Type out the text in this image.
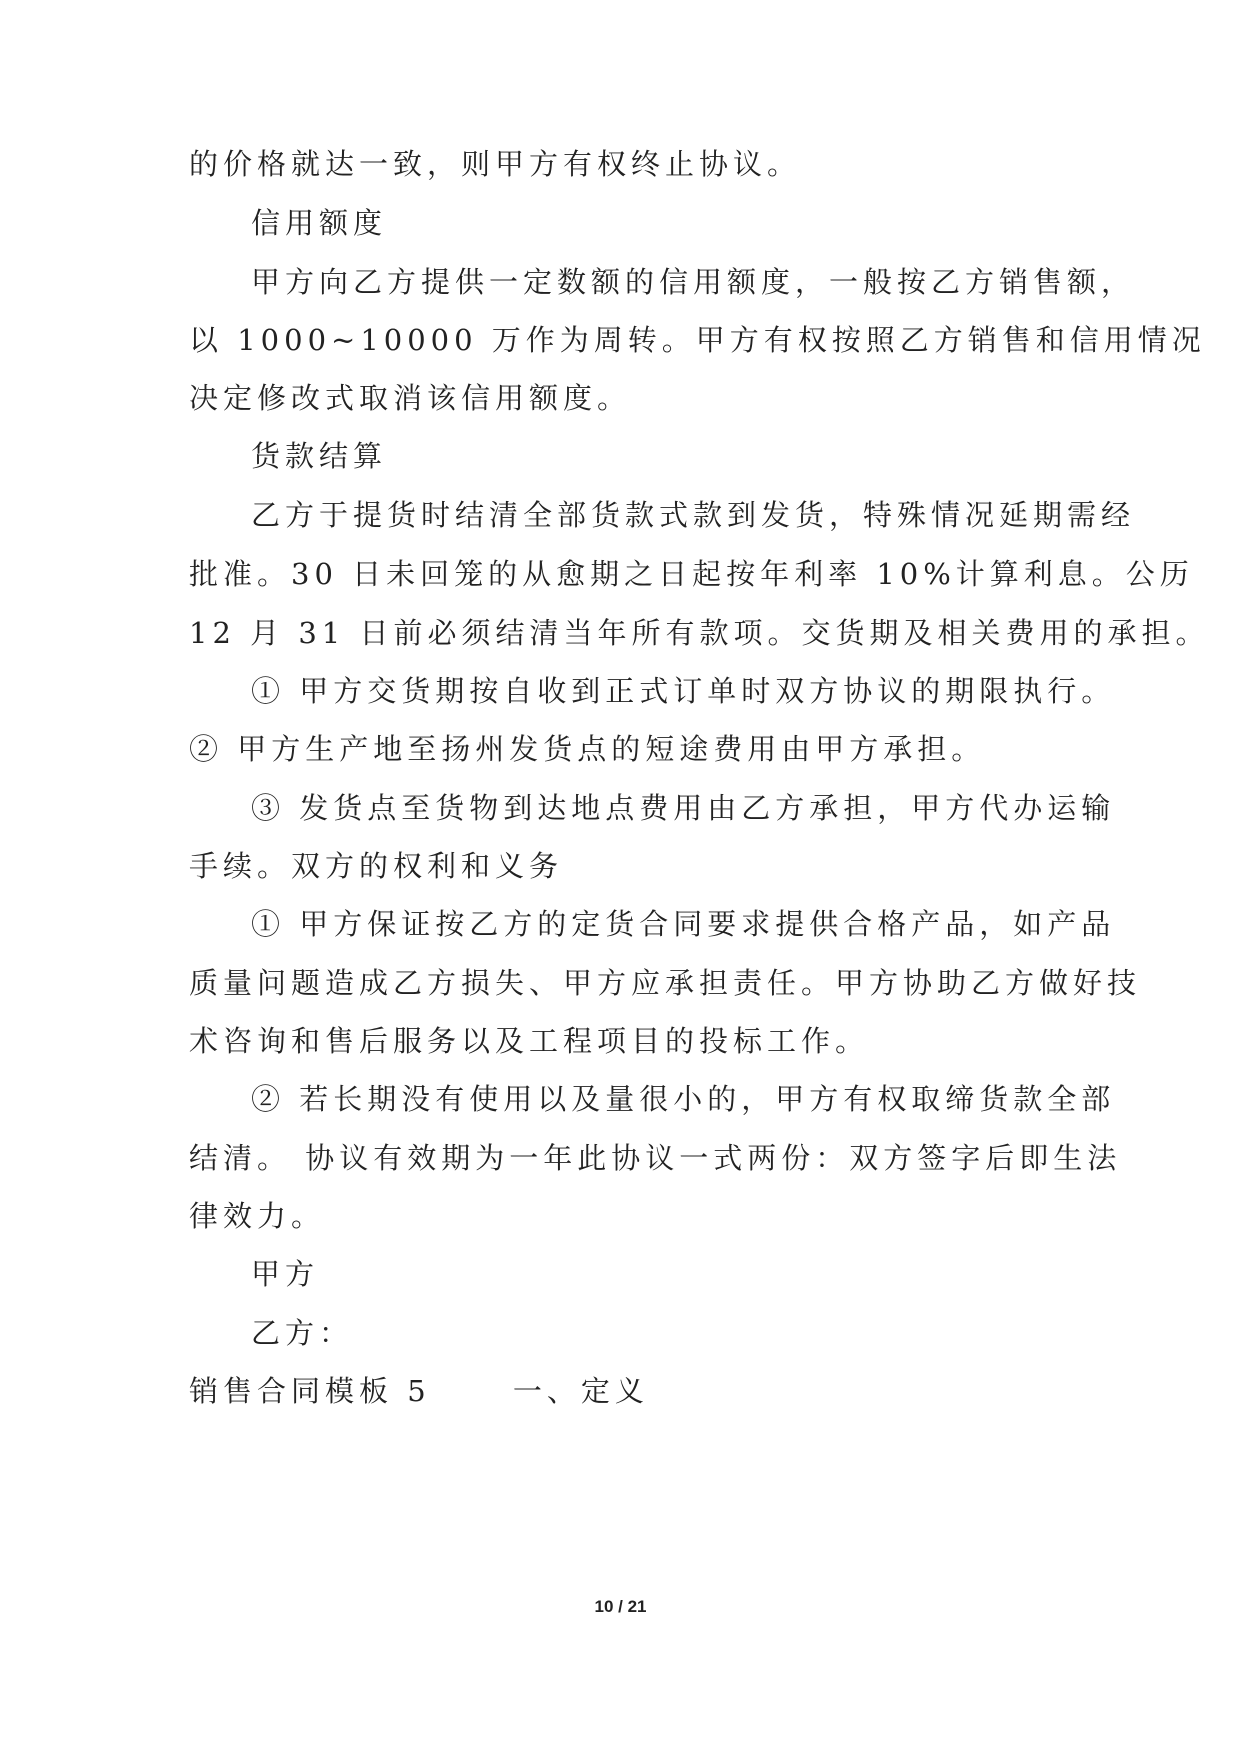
的价格就达一致，则甲方有权终止协议。
信用额度
甲方向乙方提供一定数额的信用额度，一般按乙方销售额，
以 1000~10000 万作为周转。甲方有权按照乙方销售和信用情况
决定修改式取消该信用额度。
货款结算
乙方于提货时结清全部货款式款到发货，特殊情况延期需经
批准。30 日未回笼的从愈期之日起按年利率 10%计算利息。公历
12 月 31 日前必须结清当年所有款项。交货期及相关费用的承担。
① 甲方交货期按自收到正式订单时双方协议的期限执行。
② 甲方生产地至扬州发货点的短途费用由甲方承担。
③ 发货点至货物到达地点费用由乙方承担，甲方代办运输
手续。双方的权利和义务
① 甲方保证按乙方的定货合同要求提供合格产品，如产品
质量问题造成乙方损失、甲方应承担责任。甲方协助乙方做好技
术咨询和售后服务以及工程项目的投标工作。
② 若长期没有使用以及量很小的，甲方有权取缔货款全部
结清。 协议有效期为一年此协议一式两份：双方签字后即生法
律效力。
甲方
乙方：
销售合同模板 5　　 一、定义
10 / 21
